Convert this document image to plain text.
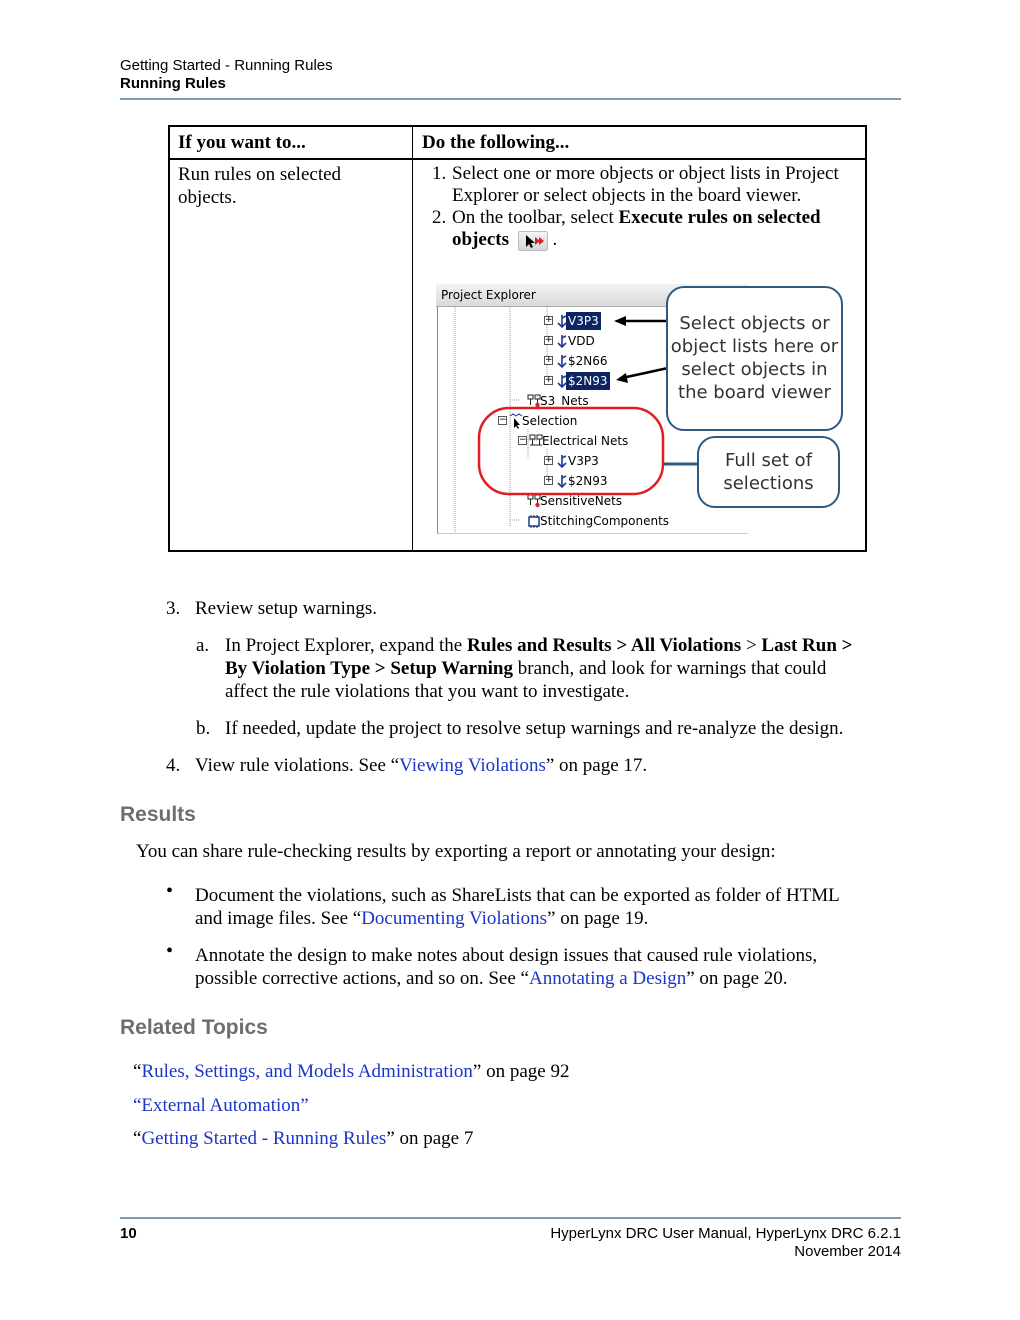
Getting Started - Running Rules
Running Rules
If you want to...	Do the following...
Run rules on selected objects.
1. Select one or more objects or object lists in Project Explorer or select objects in the board viewer.
2. On the toolbar, select Execute rules on selected objects .
Project Explorer
+ V3P3
+ VDD
+ $2N66
+ $2N93
S3_Nets
− Selection
− Electrical Nets
+ V3P3
+ $2N93
SensitiveNets
StitchingComponents
Select objects or
object lists here or
select objects in
the board viewer
Full set of
selections
3. Review setup warnings.
a. In Project Explorer, expand the Rules and Results > All Violations > Last Run >
By Violation Type > Setup Warning branch, and look for warnings that could
affect the rule violations that you want to investigate.
b. If needed, update the project to resolve setup warnings and re-analyze the design.
4. View rule violations. See “Viewing Violations” on page 17.
Results
You can share rule-checking results by exporting a report or annotating your design:
• Document the violations, such as ShareLists that can be exported as folder of HTML
and image files. See “Documenting Violations” on page 19.
• Annotate the design to make notes about design issues that caused rule violations,
possible corrective actions, and so on. See “Annotating a Design” on page 20.
Related Topics
“Rules, Settings, and Models Administration” on page 92
“External Automation”
“Getting Started - Running Rules” on page 7
10	HyperLynx DRC User Manual, HyperLynx DRC 6.2.1
November 2014
